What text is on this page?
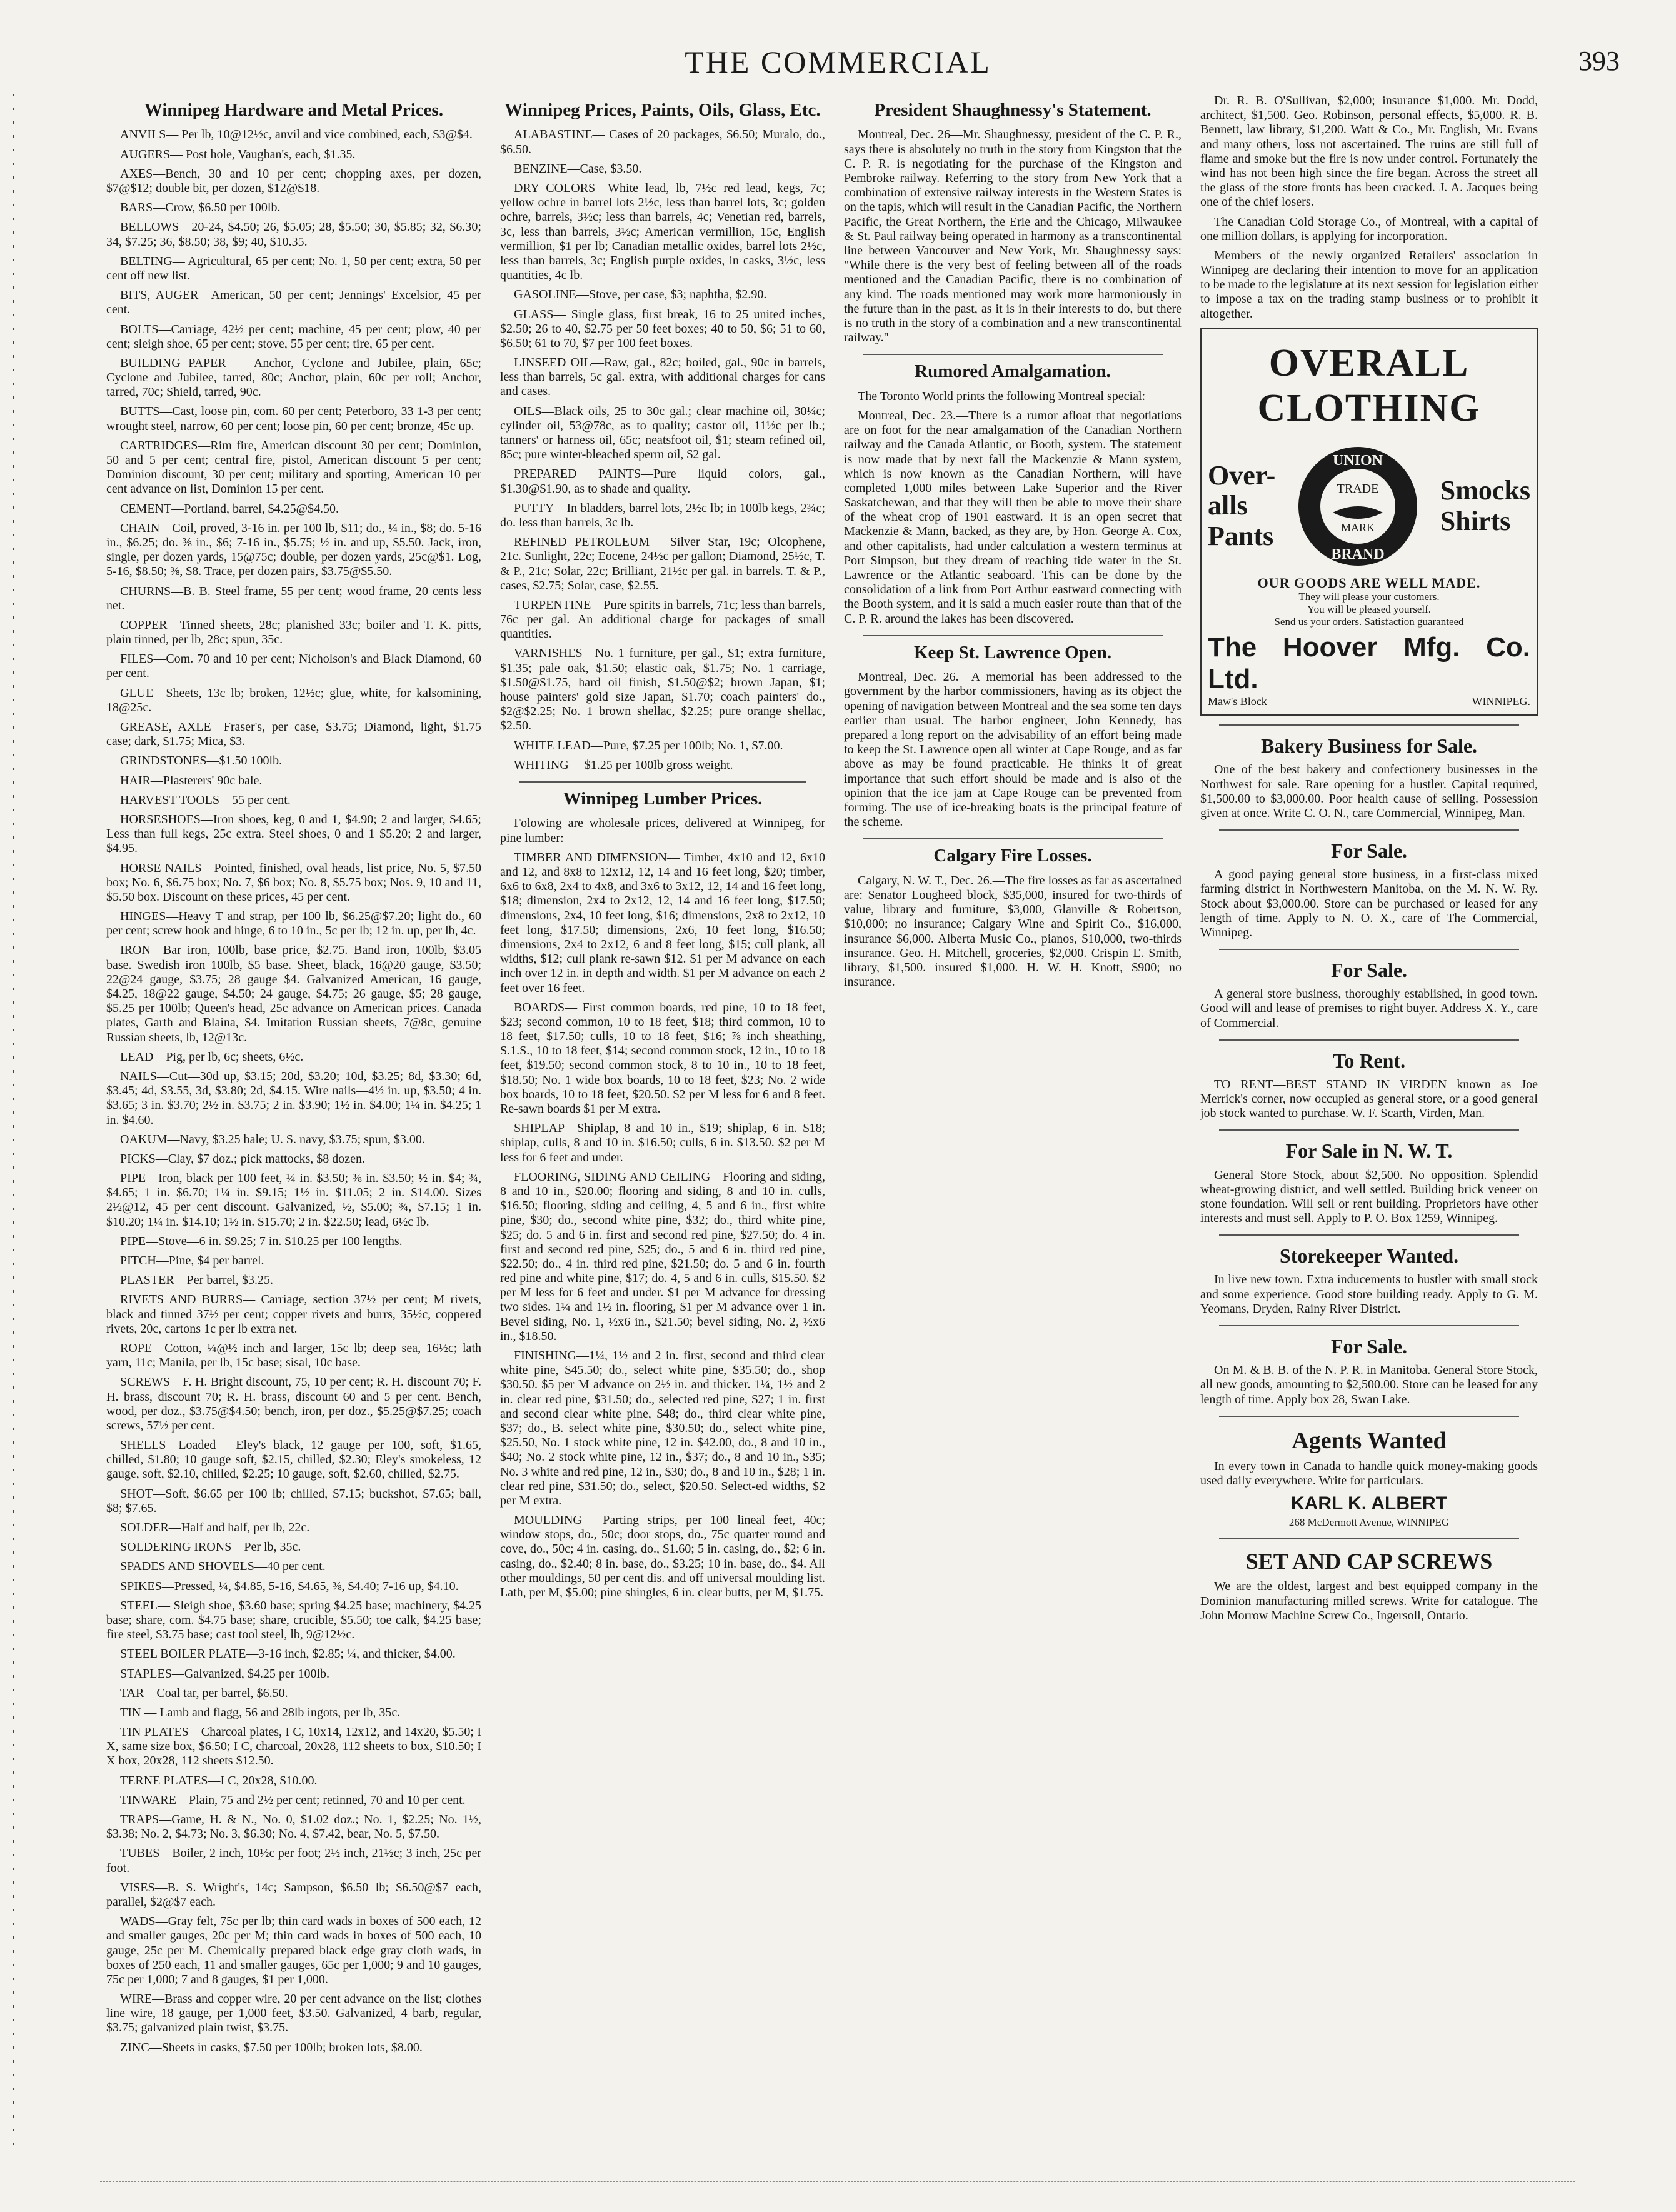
THE COMMERCIAL	393
Winnipeg Hardware and Metal Prices.

ANVILS— Per lb, 10@12½c, anvil and vice combined, each, $3@$4.

AUGERS— Post hole, Vaughan's, each, $1.35.

AXES—Bench, 30 and 10 per cent; chopping axes, per dozen, $7@$12; double bit, per dozen, $12@$18.

BARS—Crow, $6.50 per 100lb.

BELLOWS—20-24, $4.50; 26, $5.05; 28, $5.50; 30, $5.85; 32, $6.30; 34, $7.25; 36, $8.50; 38, $9; 40, $10.35.

BELTING— Agricultural, 65 per cent; No. 1, 50 per cent; extra, 50 per cent off new list.

BITS, AUGER—American, 50 per cent; Jennings' Excelsior, 45 per cent.

BOLTS—Carriage, 42½ per cent; machine, 45 per cent; plow, 40 per cent; sleigh shoe, 65 per cent; stove, 55 per cent; tire, 65 per cent.

BUILDING PAPER — Anchor, Cyclone and Jubilee, plain, 65c; Cyclone and Jubilee, tarred, 80c; Anchor, plain, 60c per roll; Anchor, tarred, 70c; Shield, tarred, 90c.

BUTTS—Cast, loose pin, com. 60 per cent; Peterboro, 33 1-3 per cent; wrought steel, narrow, 60 per cent; loose pin, 60 per cent; bronze, 45c up.

CARTRIDGES—Rim fire, American discount 30 per cent; Dominion, 50 and 5 per cent; central fire, pistol, American discount 5 per cent; Dominion discount, 30 per cent; military and sporting, American 10 per cent advance on list, Dominion 15 per cent.

CEMENT—Portland, barrel, $4.25@$4.50.

CHAIN—Coil, proved, 3-16 in. per 100 lb, $11; do., ¼ in., $8; do. 5-16 in., $6.25; do. ⅜ in., $6; 7-16 in., $5.75; ½ in. and up, $5.50. Jack, iron, single, per dozen yards, 15@75c; double, per dozen yards, 25c@$1. Log, 5-16, $8.50; ⅜, $8. Trace, per dozen pairs, $3.75@$5.50.

CHURNS—B. B. Steel frame, 55 per cent; wood frame, 20 cents less net.

COPPER—Tinned sheets, 28c; planished 33c; boiler and T. K. pitts, plain tinned, per lb, 28c; spun, 35c.

FILES—Com. 70 and 10 per cent; Nicholson's and Black Diamond, 60 per cent.

GLUE—Sheets, 13c lb; broken, 12½c; glue, white, for kalsomining, 18@25c.

GREASE, AXLE—Fraser's, per case, $3.75; Diamond, light, $1.75 case; dark, $1.75; Mica, $3.

GRINDSTONES—$1.50 100lb.

HAIR—Plasterers' 90c bale.

HARVEST TOOLS—55 per cent.

HORSESHOES—Iron shoes, keg, 0 and 1, $4.90; 2 and larger, $4.65; Less than full kegs, 25c extra. Steel shoes, 0 and 1 $5.20; 2 and larger, $4.95.

HORSE NAILS—Pointed, finished, oval heads, list price, No. 5, $7.50 box; No. 6, $6.75 box; No. 7, $6 box; No. 8, $5.75 box; Nos. 9, 10 and 11, $5.50 box. Discount on these prices, 45 per cent.

HINGES—Heavy T and strap, per 100 lb, $6.25@$7.20; light do., 60 per cent; screw hook and hinge, 6 to 10 in., 5c per lb; 12 in. up, per lb, 4c.

IRON—Bar iron, 100lb, base price, $2.75. Band iron, 100lb, $3.05 base. Swedish iron 100lb, $5 base. Sheet, black, 16@20 gauge, $3.50; 22@24 gauge, $3.75; 28 gauge $4. Galvanized American, 16 gauge, $4.25, 18@22 gauge, $4.50; 24 gauge, $4.75; 26 gauge, $5; 28 gauge, $5.25 per 100lb; Queen's head, 25c advance on American prices. Canada plates, Garth and Blaina, $4. Imitation Russian sheets, 7@8c, genuine Russian sheets, lb, 12@13c.

LEAD—Pig, per lb, 6c; sheets, 6½c.

NAILS—Cut—30d up, $3.15; 20d, $3.20; 10d, $3.25; 8d, $3.30; 6d, $3.45; 4d, $3.55, 3d, $3.80; 2d, $4.15. Wire nails—4½ in. up, $3.50; 4 in. $3.65; 3 in. $3.70; 2½ in. $3.75; 2 in. $3.90; 1½ in. $4.00; 1¼ in. $4.25; 1 in. $4.60.

OAKUM—Navy, $3.25 bale; U. S. navy, $3.75; spun, $3.00.

PICKS—Clay, $7 doz.; pick mattocks, $8 dozen.

PIPE—Iron, black per 100 feet, ¼ in. $3.50; ⅜ in. $3.50; ½ in. $4; ¾, $4.65; 1 in. $6.70; 1¼ in. $9.15; 1½ in. $11.05; 2 in. $14.00. Sizes 2½@12, 45 per cent discount. Galvanized, ½, $5.00; ¾, $7.15; 1 in. $10.20; 1¼ in. $14.10; 1½ in. $15.70; 2 in. $22.50; lead, 6½c lb.

PIPE—Stove—6 in. $9.25; 7 in. $10.25 per 100 lengths.

PITCH—Pine, $4 per barrel.

PLASTER—Per barrel, $3.25.

RIVETS AND BURRS— Carriage, section 37½ per cent; M rivets, black and tinned 37½ per cent; copper rivets and burrs, 35½c, coppered rivets, 20c, cartons 1c per lb extra net.

ROPE—Cotton, ¼@½ inch and larger, 15c lb; deep sea, 16½c; lath yarn, 11c; Manila, per lb, 15c base; sisal, 10c base.

SCREWS—F. H. Bright discount, 75, 10 per cent; R. H. discount 70; F. H. brass, discount 70; R. H. brass, discount 60 and 5 per cent. Bench, wood, per doz., $3.75@$4.50; bench, iron, per doz., $5.25@$7.25; coach screws, 57½ per cent.

SHELLS—Loaded— Eley's black, 12 gauge per 100, soft, $1.65, chilled, $1.80; 10 gauge soft, $2.15, chilled, $2.30; Eley's smokeless, 12 gauge, soft, $2.10, chilled, $2.25; 10 gauge, soft, $2.60, chilled, $2.75.

SHOT—Soft, $6.65 per 100 lb; chilled, $7.15; buckshot, $7.65; ball, $8; $7.65.

SOLDER—Half and half, per lb, 22c.

SOLDERING IRONS—Per lb, 35c.

SPADES AND SHOVELS—40 per cent.

SPIKES—Pressed, ¼, $4.85, 5-16, $4.65, ⅜, $4.40; 7-16 up, $4.10.

STEEL— Sleigh shoe, $3.60 base; spring $4.25 base; machinery, $4.25 base; share, com. $4.75 base; share, crucible, $5.50; toe calk, $4.25 base; fire steel, $3.75 base; cast tool steel, lb, 9@12½c.

STEEL BOILER PLATE—3-16 inch, $2.85; ¼, and thicker, $4.00.

STAPLES—Galvanized, $4.25 per 100lb.

TAR—Coal tar, per barrel, $6.50.

TIN — Lamb and flagg, 56 and 28lb ingots, per lb, 35c.

TIN PLATES—Charcoal plates, I C, 10x14, 12x12, and 14x20, $5.50; I X, same size box, $6.50; I C, charcoal, 20x28, 112 sheets to box, $10.50; I X box, 20x28, 112 sheets $12.50.

TERNE PLATES—I C, 20x28, $10.00.

TINWARE—Plain, 75 and 2½ per cent; retinned, 70 and 10 per cent.

TRAPS—Game, H. & N., No. 0, $1.02 doz.; No. 1, $2.25; No. 1½, $3.38; No. 2, $4.73; No. 3, $6.30; No. 4, $7.42, bear, No. 5, $7.50.

TUBES—Boiler, 2 inch, 10½c per foot; 2½ inch, 21½c; 3 inch, 25c per foot.

VISES—B. S. Wright's, 14c; Sampson, $6.50 lb; $6.50@$7 each, parallel, $2@$7 each.

WADS—Gray felt, 75c per lb; thin card wads in boxes of 500 each, 12 and smaller gauges, 20c per M; thin card wads in boxes of 500 each, 10 gauge, 25c per M. Chemically prepared black edge gray cloth wads, in boxes of 250 each, 11 and smaller gauges, 65c per 1,000; 9 and 10 gauges, 75c per 1,000; 7 and 8 gauges, $1 per 1,000.

WIRE—Brass and copper wire, 20 per cent advance on the list; clothes line wire, 18 gauge, per 1,000 feet, $3.50. Galvanized, 4 barb, regular, $3.75; galvanized plain twist, $3.75.

ZINC—Sheets in casks, $7.50 per 100lb; broken lots, $8.00.

Winnipeg Prices, Paints, Oils, Glass, Etc.

ALABASTINE— Cases of 20 packages, $6.50; Muralo, do., $6.50.

BENZINE—Case, $3.50.

DRY COLORS—White lead, lb, 7½c red lead, kegs, 7c; yellow ochre in barrel lots 2½c, less than barrel lots, 3c; golden ochre, barrels, 3½c; less than barrels, 4c; Venetian red, barrels, 3c, less than barrels, 3½c; American vermillion, 15c, English vermillion, $1 per lb; Canadian metallic oxides, barrel lots 2½c, less than barrels, 3c; English purple oxides, in casks, 3½c, less quantities, 4c lb.

GASOLINE—Stove, per case, $3; naphtha, $2.90.

GLASS— Single glass, first break, 16 to 25 united inches, $2.50; 26 to 40, $2.75 per 50 feet boxes; 40 to 50, $6; 51 to 60, $6.50; 61 to 70, $7 per 100 feet boxes.

LINSEED OIL—Raw, gal., 82c; boiled, gal., 90c in barrels, less than barrels, 5c gal. extra, with additional charges for cans and cases.

OILS—Black oils, 25 to 30c gal.; clear machine oil, 30¼c; cylinder oil, 53@78c, as to quality; castor oil, 11½c per lb.; tanners' or harness oil, 65c; neatsfoot oil, $1; steam refined oil, 85c; pure winter-bleached sperm oil, $2 gal.

PREPARED PAINTS—Pure liquid colors, gal., $1.30@$1.90, as to shade and quality.

PUTTY—In bladders, barrel lots, 2½c lb; in 100lb kegs, 2¾c; do. less than barrels, 3c lb.

REFINED PETROLEUM— Silver Star, 19c; Olcophene, 21c. Sunlight, 22c; Eocene, 24½c per gallon; Diamond, 25½c, T. & P., 21c; Solar, 22c; Brilliant, 21½c per gal. in barrels. T. & P., cases, $2.75; Solar, case, $2.55.

TURPENTINE—Pure spirits in barrels, 71c; less than barrels, 76c per gal. An additional charge for packages of small quantities.

VARNISHES—No. 1 furniture, per gal., $1; extra furniture, $1.35; pale oak, $1.50; elastic oak, $1.75; No. 1 carriage, $1.50@$1.75, hard oil finish, $1.50@$2; brown Japan, $1; house painters' gold size Japan, $1.70; coach painters' do., $2@$2.25; No. 1 brown shellac, $2.25; pure orange shellac, $2.50.

WHITE LEAD—Pure, $7.25 per 100lb; No. 1, $7.00.

WHITING— $1.25 per 100lb gross weight.

Winnipeg Lumber Prices.

Folowing are wholesale prices, delivered at Winnipeg, for pine lumber:

TIMBER AND DIMENSION— Timber, 4x10 and 12, 6x10 and 12, and 8x8 to 12x12, 12, 14 and 16 feet long, $20; timber, 6x6 to 6x8, 2x4 to 4x8, and 3x6 to 3x12, 12, 14 and 16 feet long, $18; dimension, 2x4 to 2x12, 12, 14 and 16 feet long, $17.50; dimensions, 2x4, 10 feet long, $16; dimensions, 2x8 to 2x12, 10 feet long, $17.50; dimensions, 2x6, 10 feet long, $16.50; dimensions, 2x4 to 2x12, 6 and 8 feet long, $15; cull plank, all widths, $12; cull plank re-sawn $12. $1 per M advance on each inch over 12 in. in depth and width. $1 per M advance on each 2 feet over 16 feet.

BOARDS— First common boards, red pine, 10 to 18 feet, $23; second common, 10 to 18 feet, $18; third common, 10 to 18 feet, $17.50; culls, 10 to 18 feet, $16; ⅞ inch sheathing, S.1.S., 10 to 18 feet, $14; second common stock, 12 in., 10 to 18 feet, $19.50; second common stock, 8 to 10 in., 10 to 18 feet, $18.50; No. 1 wide box boards, 10 to 18 feet, $23; No. 2 wide box boards, 10 to 18 feet, $20.50. $2 per M less for 6 and 8 feet. Re-sawn boards $1 per M extra.

SHIPLAP—Shiplap, 8 and 10 in., $19; shiplap, 6 in. $18; shiplap, culls, 8 and 10 in. $16.50; culls, 6 in. $13.50. $2 per M less for 6 feet and under.

FLOORING, SIDING AND CEILING—Flooring and siding, 8 and 10 in., $20.00; flooring and siding, 8 and 10 in. culls, $16.50; flooring, siding and ceiling, 4, 5 and 6 in., first white pine, $30; do., second white pine, $32; do., third white pine, $25; do. 5 and 6 in. first and second red pine, $27.50; do. 4 in. first and second red pine, $25; do., 5 and 6 in. third red pine, $22.50; do., 4 in. third red pine, $21.50; do. 5 and 6 in. fourth red pine and white pine, $17; do. 4, 5 and 6 in. culls, $15.50. $2 per M less for 6 feet and under. $1 per M advance for dressing two sides. 1¼ and 1½ in. flooring, $1 per M advance over 1 in. Bevel siding, No. 1, ½x6 in., $21.50; bevel siding, No. 2, ½x6 in., $18.50.

FINISHING—1¼, 1½ and 2 in. first, second and third clear white pine, $45.50; do., select white pine, $35.50; do., shop $30.50. $5 per M advance on 2½ in. and thicker. 1¼, 1½ and 2 in. clear red pine, $31.50; do., selected red pine, $27; 1 in. first and second clear white pine, $48; do., third clear white pine, $37; do., B. select white pine, $30.50; do., select white pine, $25.50, No. 1 stock white pine, 12 in. $42.00, do., 8 and 10 in., $40; No. 2 stock white pine, 12 in., $37; do., 8 and 10 in., $35; No. 3 white and red pine, 12 in., $30; do., 8 and 10 in., $28; 1 in. clear red pine, $31.50; do., select, $20.50. Select-ed widths, $2 per M extra.

MOULDING— Parting strips, per 100 lineal feet, 40c; window stops, do., 50c; door stops, do., 75c quarter round and cove, do., 50c; 4 in. casing, do., $1.60; 5 in. casing, do., $2; 6 in. casing, do., $2.40; 8 in. base, do., $3.25; 10 in. base, do., $4. All other mouldings, 50 per cent dis. and off universal moulding list. Lath, per M, $5.00; pine shingles, 6 in. clear butts, per M, $1.75.

President Shaughnessy's Statement.

Montreal, Dec. 26—Mr. Shaughnessy, president of the C. P. R., says there is absolutely no truth in the story from Kingston that the C. P. R. is negotiating for the purchase of the Kingston and Pembroke railway. Referring to the story from New York that a combination of extensive railway interests in the Western States is on the tapis, which will result in the Canadian Pacific, the Northern Pacific, the Great Northern, the Erie and the Chicago, Milwaukee & St. Paul railway being operated in harmony as a transcontinental line between Vancouver and New York, Mr. Shaughnessy says: "While there is the very best of feeling between all of the roads mentioned and the Canadian Pacific, there is no combination of any kind. The roads mentioned may work more harmoniously in the future than in the past, as it is in their interests to do, but there is no truth in the story of a combination and a new transcontinental railway."

Rumored Amalgamation.

The Toronto World prints the following Montreal special:

Montreal, Dec. 23.—There is a rumor afloat that negotiations are on foot for the near amalgamation of the Canadian Northern railway and the Canada Atlantic, or Booth, system. The statement is now made that by next fall the Mackenzie & Mann system, which is now known as the Canadian Northern, will have completed 1,000 miles between Lake Superior and the River Saskatchewan, and that they will then be able to move their share of the wheat crop of 1901 eastward. It is an open secret that Mackenzie & Mann, backed, as they are, by Hon. George A. Cox, and other capitalists, had under calculation a western terminus at Port Simpson, but they dream of reaching tide water in the St. Lawrence or the Atlantic seaboard. This can be done by the consolidation of a link from Port Arthur eastward connecting with the Booth system, and it is said a much easier route than that of the C. P. R. around the lakes has been discovered.

Keep St. Lawrence Open.

Montreal, Dec. 26.—A memorial has been addressed to the government by the harbor commissioners, having as its object the opening of navigation between Montreal and the sea some ten days earlier than usual. The harbor engineer, John Kennedy, has prepared a long report on the advisability of an effort being made to keep the St. Lawrence open all winter at Cape Rouge, and as far above as may be found practicable. He thinks it of great importance that such effort should be made and is also of the opinion that the ice jam at Cape Rouge can be prevented from forming. The use of ice-breaking boats is the principal feature of the scheme.

Calgary Fire Losses.

Calgary, N. W. T., Dec. 26.—The fire losses as far as ascertained are: Senator Lougheed block, $35,000, insured for two-thirds of value, library and furniture, $3,000, Glanville & Robertson, $10,000; no insurance; Calgary Wine and Spirit Co., $16,000, insurance $6,000. Alberta Music Co., pianos, $10,000, two-thirds insurance. Geo. H. Mitchell, groceries, $2,000. Crispin E. Smith, library, $1,500. insured $1,000. H. W. H. Knott, $900; no insurance.

Dr. R. B. O'Sullivan, $2,000; insurance $1,000. Mr. Dodd, architect, $1,500. Geo. Robinson, personal effects, $5,000. R. B. Bennett, law library, $1,200. Watt & Co., Mr. English, Mr. Evans and many others, loss not ascertained. The ruins are still full of flame and smoke but the fire is now under control. Fortunately the wind has not been high since the fire began. Across the street all the glass of the store fronts has been cracked. J. A. Jacques being one of the chief losers.

The Canadian Cold Storage Co., of Montreal, with a capital of one million dollars, is applying for incorporation.

Members of the newly organized Retailers' association in Winnipeg are declaring their intention to move for an application to be made to the legislature at its next session for legislation either to impose a tax on the trading stamp business or to prohibit it altogether.

OVERALL CLOTHING
Over-
alls
Pants
UNION
TRADE
MARK
BRAND
Smocks
Shirts
OUR GOODS ARE WELL MADE.
They will please your customers.
You will be pleased yourself.
Send us your orders. Satisfaction guaranteed
The Hoover Mfg. Co. Ltd.
Maw's Block	WINNIPEG.
Bakery Business for Sale.

One of the best bakery and confectionery businesses in the Northwest for sale. Rare opening for a hustler. Capital required, $1,500.00 to $3,000.00. Poor health cause of selling. Possession given at once. Write C. O. N., care Commercial, Winnipeg, Man.

For Sale.

A good paying general store business, in a first-class mixed farming district in Northwestern Manitoba, on the M. N. W. Ry. Stock about $3,000.00. Store can be purchased or leased for any length of time. Apply to N. O. X., care of The Commercial, Winnipeg.

For Sale.

A general store business, thoroughly established, in good town. Good will and lease of premises to right buyer. Address X. Y., care of Commercial.

To Rent.

TO RENT—BEST STAND IN VIRDEN known as Joe Merrick's corner, now occupied as general store, or a good general job stock wanted to purchase. W. F. Scarth, Virden, Man.

For Sale in N. W. T.

General Store Stock, about $2,500. No opposition. Splendid wheat-growing district, and well settled. Building brick veneer on stone foundation. Will sell or rent building. Proprietors have other interests and must sell. Apply to P. O. Box 1259, Winnipeg.

Storekeeper Wanted.

In live new town. Extra inducements to hustler with small stock and some experience. Good store building ready. Apply to G. M. Yeomans, Dryden, Rainy River District.

For Sale.

On M. & B. B. of the N. P. R. in Manitoba. General Store Stock, all new goods, amounting to $2,500.00. Store can be leased for any length of time. Apply box 28, Swan Lake.

Agents Wanted

In every town in Canada to handle quick money-making goods used daily everywhere. Write for particulars.

KARL K. ALBERT
268 McDermott Avenue, WINNIPEG
SET AND CAP SCREWS

We are the oldest, largest and best equipped company in the Dominion manufacturing milled screws. Write for catalogue. The John Morrow Machine Screw Co., Ingersoll, Ontario.
